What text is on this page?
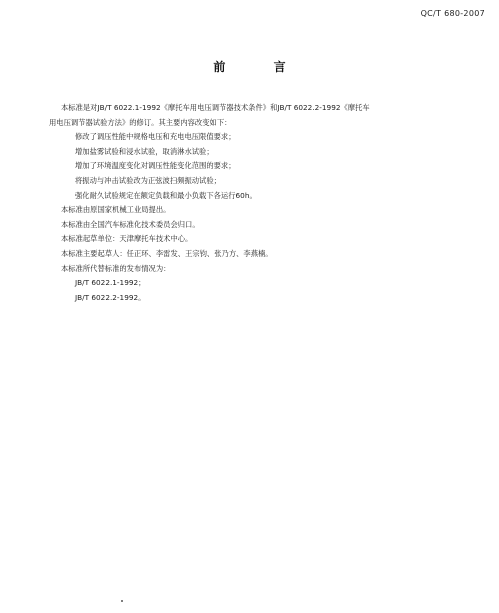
QC/T 680-2007
前 言

本标准是对JB/T 6022.1-1992《摩托车用电压调节器技术条件》和JB/T 6022.2-1992《摩托车

用电压调节器试验方法》的修订。其主要内容改变如下：

修改了调压性能中规格电压和充电电压限值要求；

增加盐雾试验和浸水试验，取消淋水试验；

增加了环境温度变化对调压性能变化范围的要求；

将振动与冲击试验改为正弦波扫频振动试验；

强化耐久试验规定在额定负载和最小负载下各运行60h。

本标准由原国家机械工业局提出。

本标准由全国汽车标准化技术委员会归口。

本标准起草单位：天津摩托车技术中心。

本标准主要起草人：任正环、李雷发、王宗钧、张乃方、李燕楠。

本标准所代替标准的发布情况为：

JB/T 6022.1-1992；

JB/T 6022.2-1992。
